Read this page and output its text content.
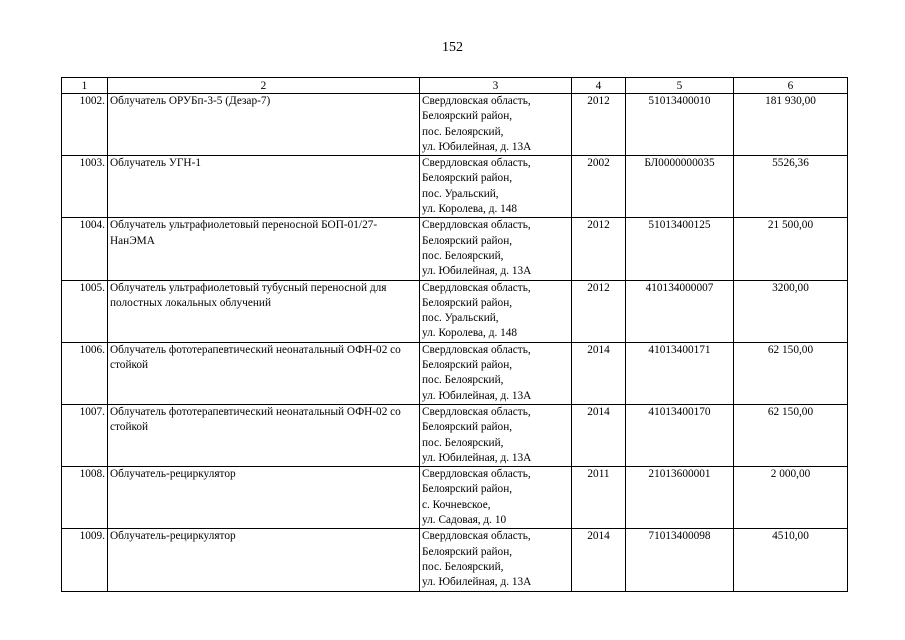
152
1	2	3	4	5	6
1002.	Облучатель ОРУБп-3-5 (Дезар-7)	Свердловская область,
Белоярский район,
пос. Белоярский,
ул. Юбилейная, д. 13А	2012	51013400010	181 930,00
1003.	Облучатель УГН-1	Свердловская область,
Белоярский район,
пос. Уральский,
ул. Королева, д. 148	2002	БЛ0000000035	5526,36
1004.	Облучатель ультрафиолетовый переносной БОП-01/27-НанЭМА	Свердловская область,
Белоярский район,
пос. Белоярский,
ул. Юбилейная, д. 13А	2012	51013400125	21 500,00
1005.	Облучатель ультрафиолетовый тубусный переносной для полостных локальных облучений	Свердловская область,
Белоярский район,
пос. Уральский,
ул. Королева, д. 148	2012	410134000007	3200,00
1006.	Облучатель фототерапевтический неонатальный ОФН-02 со стойкой	Свердловская область,
Белоярский район,
пос. Белоярский,
ул. Юбилейная, д. 13А	2014	41013400171	62 150,00
1007.	Облучатель фототерапевтический неонатальный ОФН-02 со стойкой	Свердловская область,
Белоярский район,
пос. Белоярский,
ул. Юбилейная, д. 13А	2014	41013400170	62 150,00
1008.	Облучатель-рециркулятор	Свердловская область,
Белоярский район,
с. Кочневское,
ул. Садовая, д. 10	2011	21013600001	2 000,00
1009.	Облучатель-рециркулятор	Свердловская область,
Белоярский район,
пос. Белоярский,
ул. Юбилейная, д. 13А	2014	71013400098	4510,00
